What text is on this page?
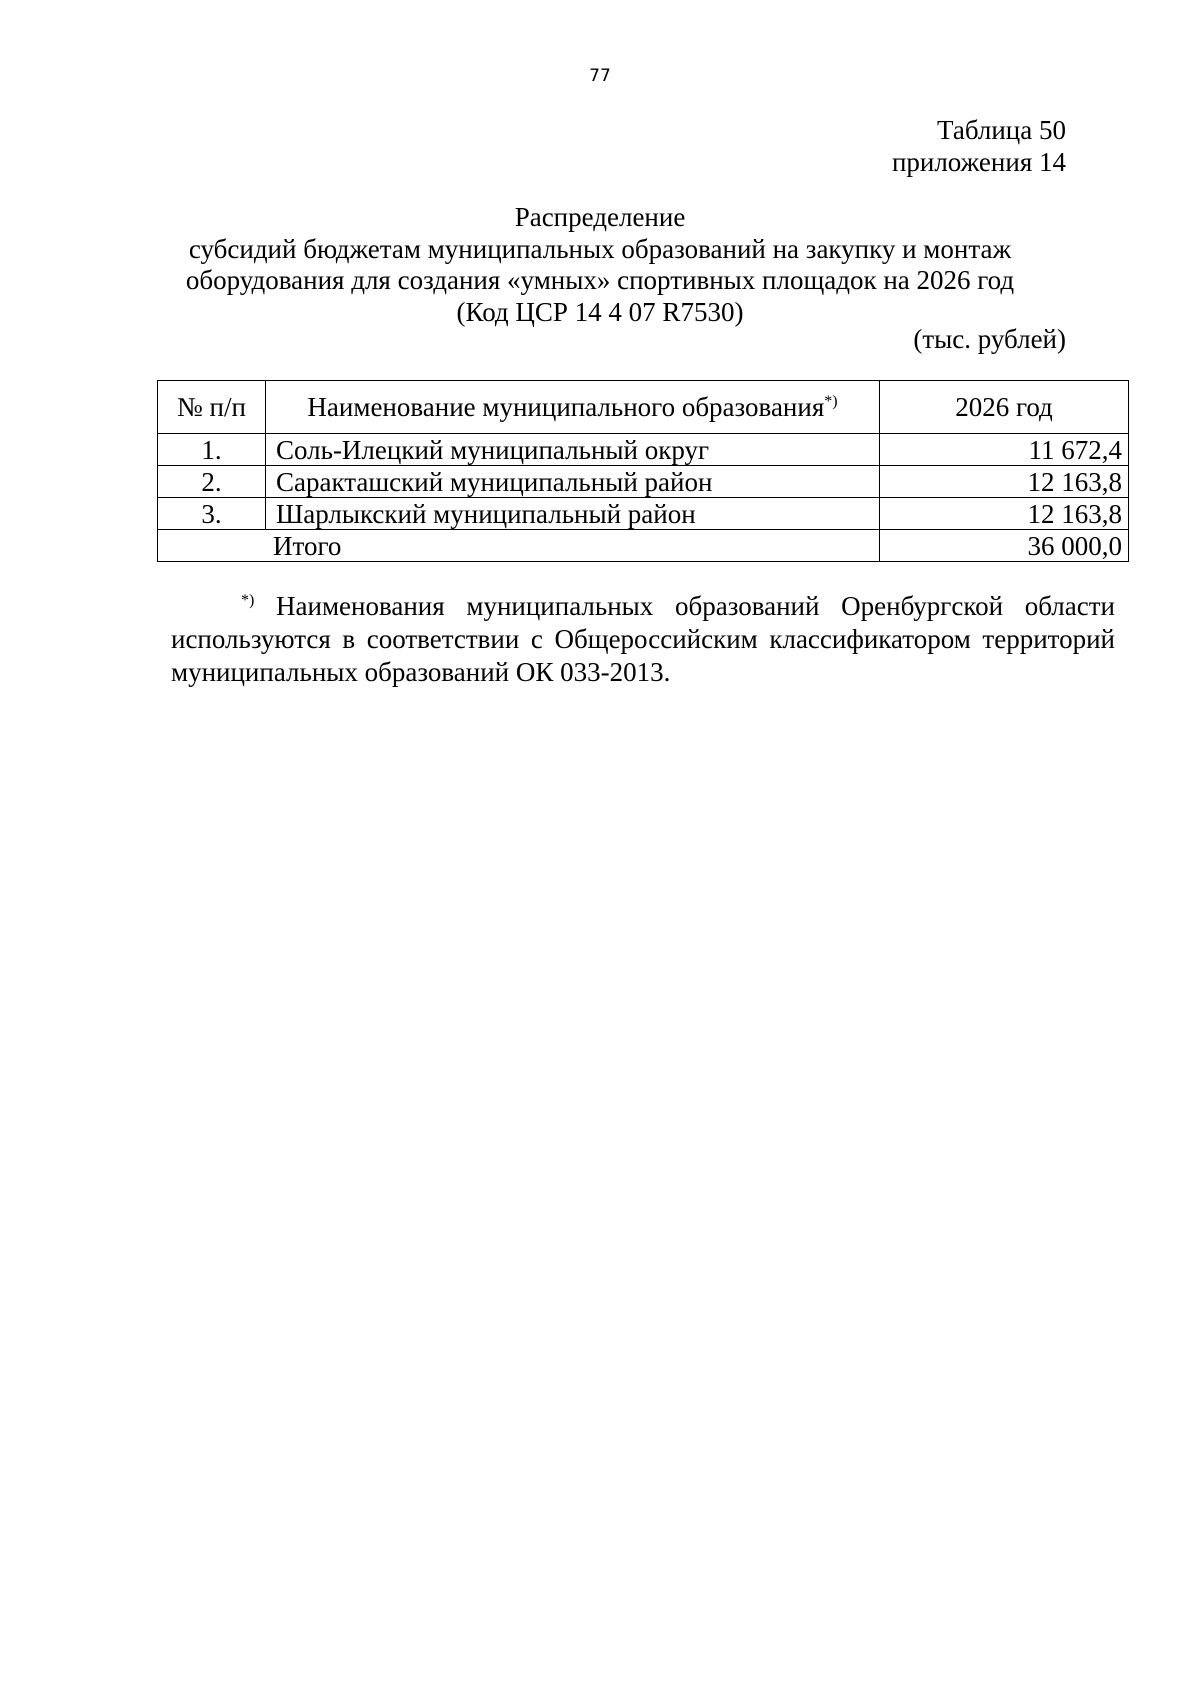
77
Таблица 50
приложения 14
Распределение
субсидий бюджетам муниципальных образований на закупку и монтаж
оборудования для создания «умных» спортивных площадок на 2026 год
(Код ЦСР 14 4 07 R7530)
(тыс. рублей)
№ п/п	Наименование муниципального образования*)	2026 год
1.	Соль-Илецкий муниципальный округ	11 672,4
2.	Саракташский муниципальный район	12 163,8
3.	Шарлыкский муниципальный район	12 163,8
Итого		36 000,0
*) Наименования муниципальных образований Оренбургской области используются в соответствии с Общероссийским классификатором территорий муниципальных образований ОК 033-2013.
